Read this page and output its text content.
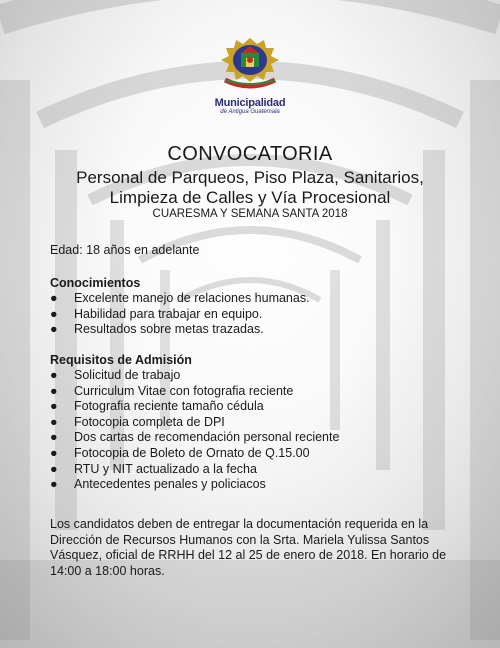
Municipalidad
de Antigua Guatemala
CONVOCATORIA
Personal de Parqueos, Piso Plaza, Sanitarios,
Limpieza de Calles y Vía Procesional
CUARESMA Y SEMANA SANTA 2018
Edad: 18 años en adelante
Conocimientos
● Excelente manejo de relaciones humanas.
● Habilidad para trabajar en equipo.
● Resultados sobre metas trazadas.
Requisitos de Admisión
● Solicitud de trabajo
● Curriculum Vitae con fotografia reciente
● Fotografia reciente tamaño cédula
● Fotocopia completa de DPI
● Dos cartas de recomendación personal reciente
● Fotocopia de Boleto de Ornato de Q.15.00
● RTU y NIT actualizado a la fecha
● Antecedentes penales y policiacos
Los candidatos deben de entregar la documentación requerida en la Dirección de Recursos Humanos con la Srta. Mariela Yulissa Santos Vásquez, oficial de RRHH del 12 al 25 de enero de 2018. En horario de 14:00 a 18:00 horas.
